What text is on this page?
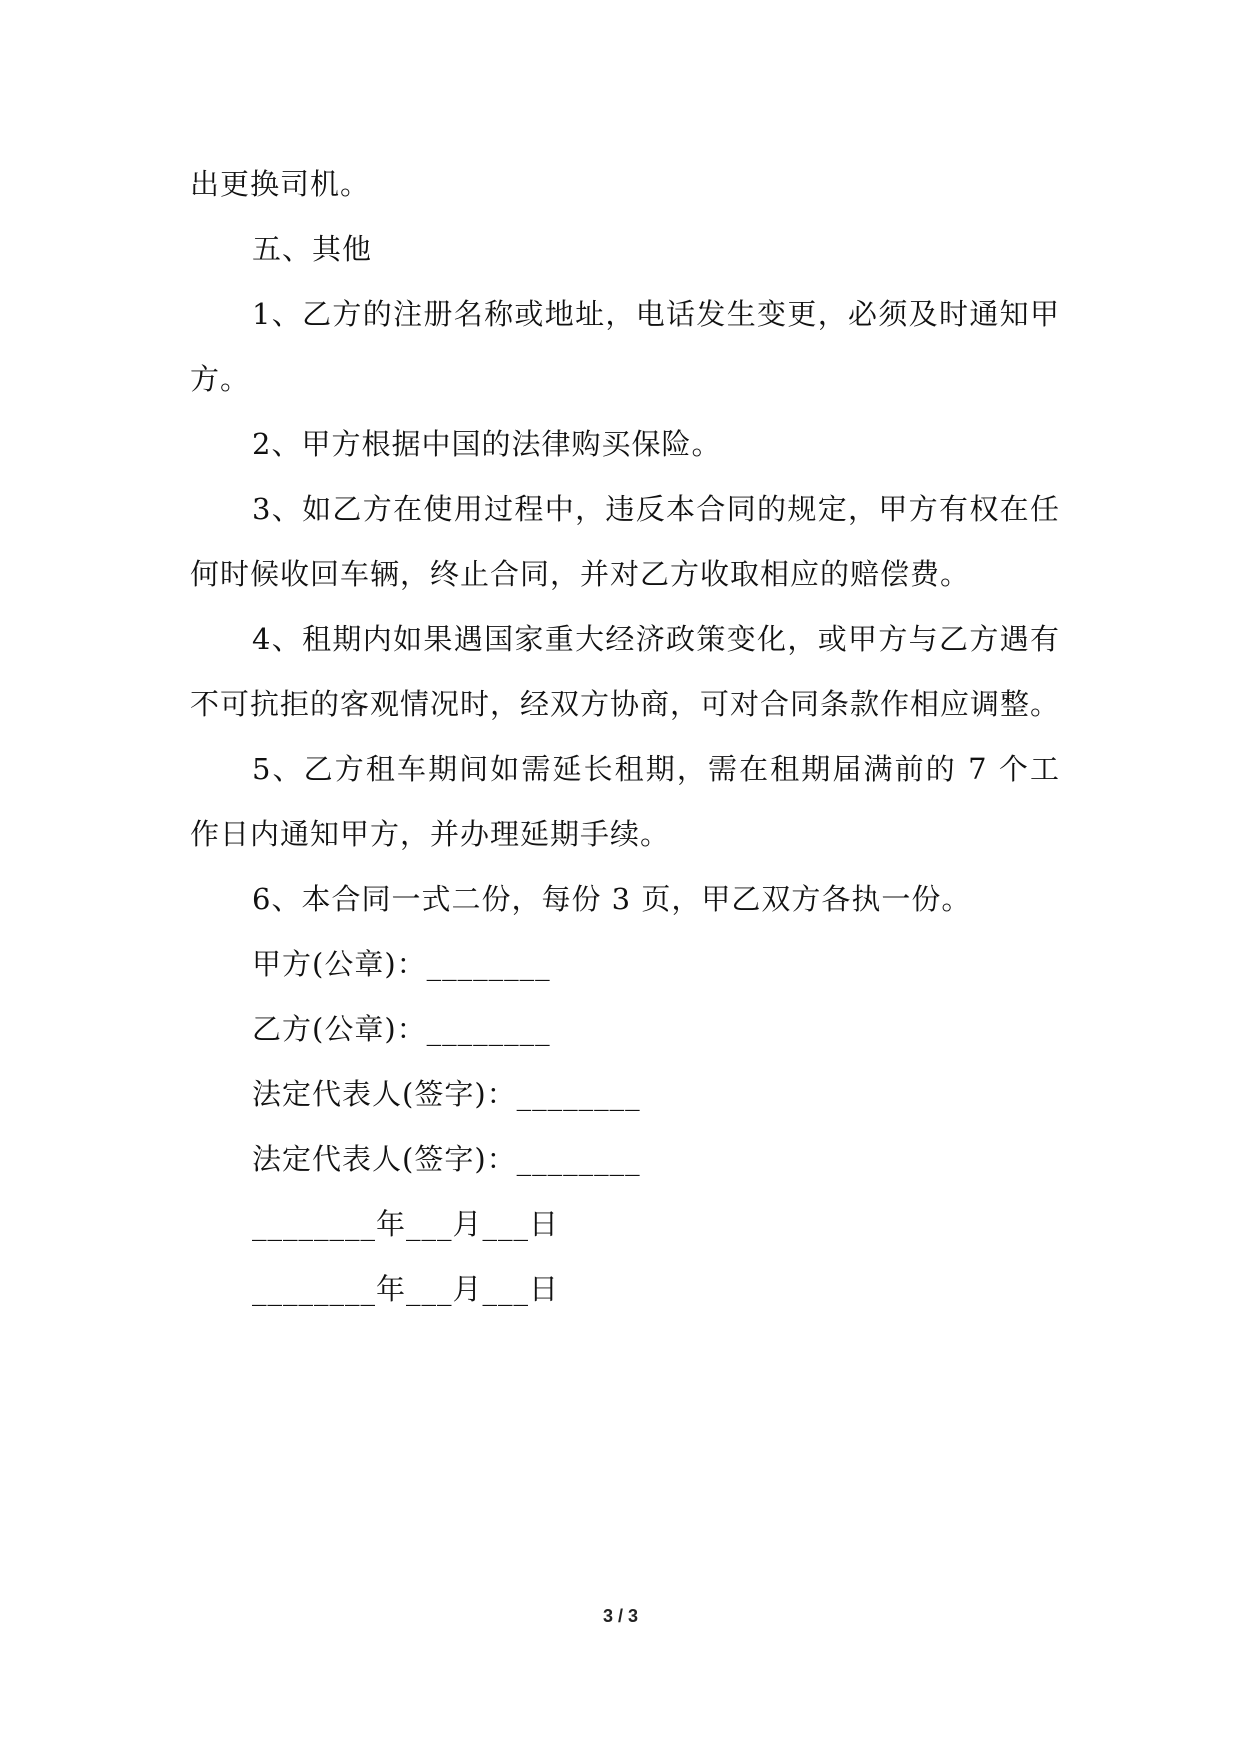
出更换司机。

五、其他

1、乙方的注册名称或地址，电话发生变更，必须及时通知甲方。

2、甲方根据中国的法律购买保险。

3、如乙方在使用过程中，违反本合同的规定，甲方有权在任何时候收回车辆，终止合同，并对乙方收取相应的赔偿费。

4、租期内如果遇国家重大经济政策变化，或甲方与乙方遇有不可抗拒的客观情况时，经双方协商，可对合同条款作相应调整。

5、乙方租车期间如需延长租期，需在租期届满前的 7 个工作日内通知甲方，并办理延期手续。

6、本合同一式二份，每份 3 页，甲乙双方各执一份。

甲方(公章)：________

乙方(公章)：________

法定代表人(签字)：________

法定代表人(签字)：________

________年___月___日

________年___月___日

3 / 3
